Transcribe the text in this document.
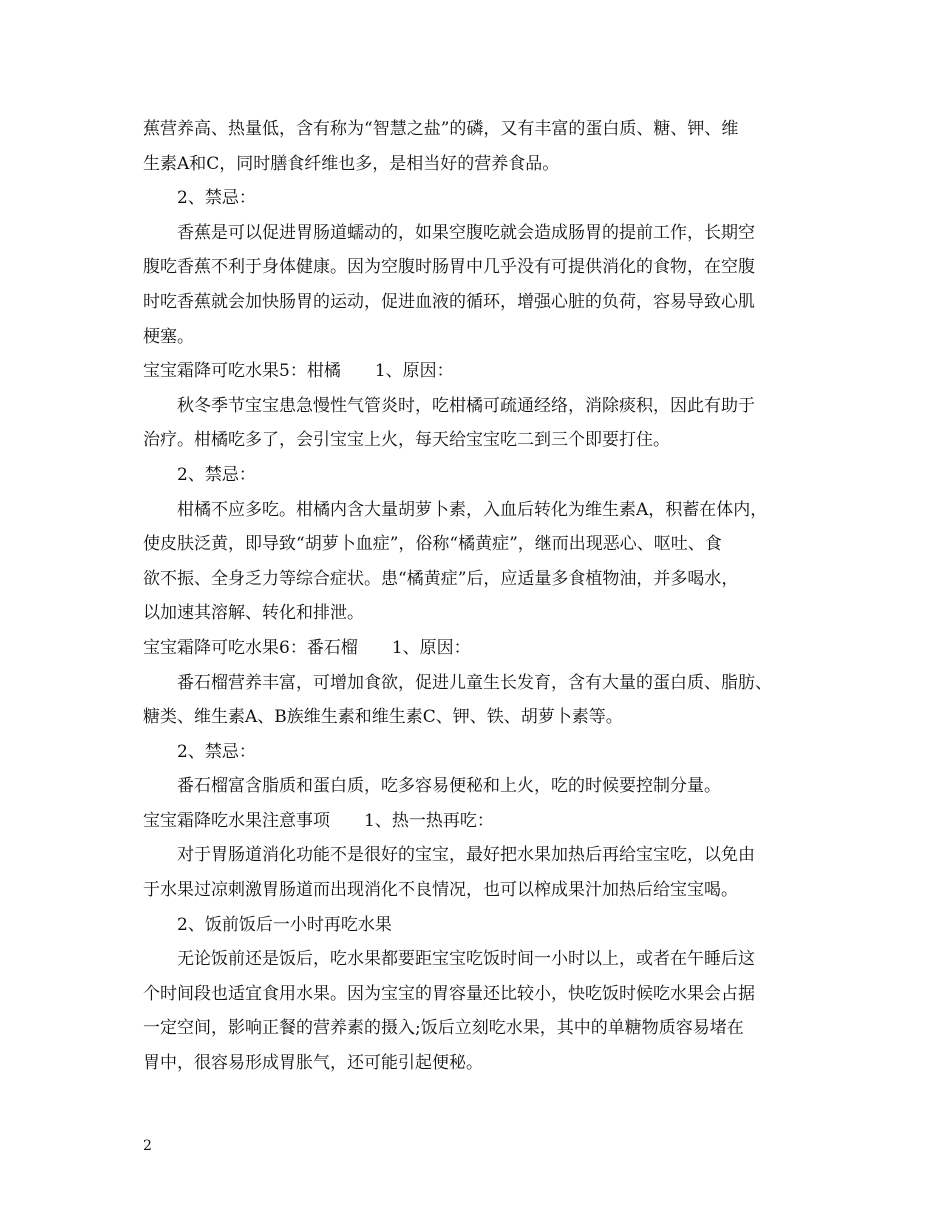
蕉营养高、热量低，含有称为“智慧之盐”的磷，又有丰富的蛋白质、糖、钾、维

生素A和C，同时膳食纤维也多，是相当好的营养食品。

2、禁忌：

香蕉是可以促进胃肠道蠕动的，如果空腹吃就会造成肠胃的提前工作，长期空

腹吃香蕉不利于身体健康。因为空腹时肠胃中几乎没有可提供消化的食物，在空腹

时吃香蕉就会加快肠胃的运动，促进血液的循环，增强心脏的负荷，容易导致心肌

梗塞。

宝宝霜降可吃水果5：柑橘　　1、原因：

秋冬季节宝宝患急慢性气管炎时，吃柑橘可疏通经络，消除痰积，因此有助于

治疗。柑橘吃多了，会引宝宝上火，每天给宝宝吃二到三个即要打住。

2、禁忌：

柑橘不应多吃。柑橘内含大量胡萝卜素，入血后转化为维生素A，积蓄在体内，

使皮肤泛黄，即导致“胡萝卜血症”，俗称“橘黄症”，继而出现恶心、呕吐、食

欲不振、全身乏力等综合症状。患“橘黄症”后，应适量多食植物油，并多喝水，

以加速其溶解、转化和排泄。

宝宝霜降可吃水果6：番石榴　　1、原因：

番石榴营养丰富，可增加食欲，促进儿童生长发育，含有大量的蛋白质、脂肪、

糖类、维生素A、B族维生素和维生素C、钾、铁、胡萝卜素等。

2、禁忌：

番石榴富含脂质和蛋白质，吃多容易便秘和上火，吃的时候要控制分量。

宝宝霜降吃水果注意事项　　1、热一热再吃：

对于胃肠道消化功能不是很好的宝宝，最好把水果加热后再给宝宝吃，以免由

于水果过凉刺激胃肠道而出现消化不良情况，也可以榨成果汁加热后给宝宝喝。

2、饭前饭后一小时再吃水果

无论饭前还是饭后，吃水果都要距宝宝吃饭时间一小时以上，或者在午睡后这

个时间段也适宜食用水果。因为宝宝的胃容量还比较小，快吃饭时候吃水果会占据

一定空间，影响正餐的营养素的摄入;饭后立刻吃水果，其中的单糖物质容易堵在

胃中，很容易形成胃胀气，还可能引起便秘。

2
